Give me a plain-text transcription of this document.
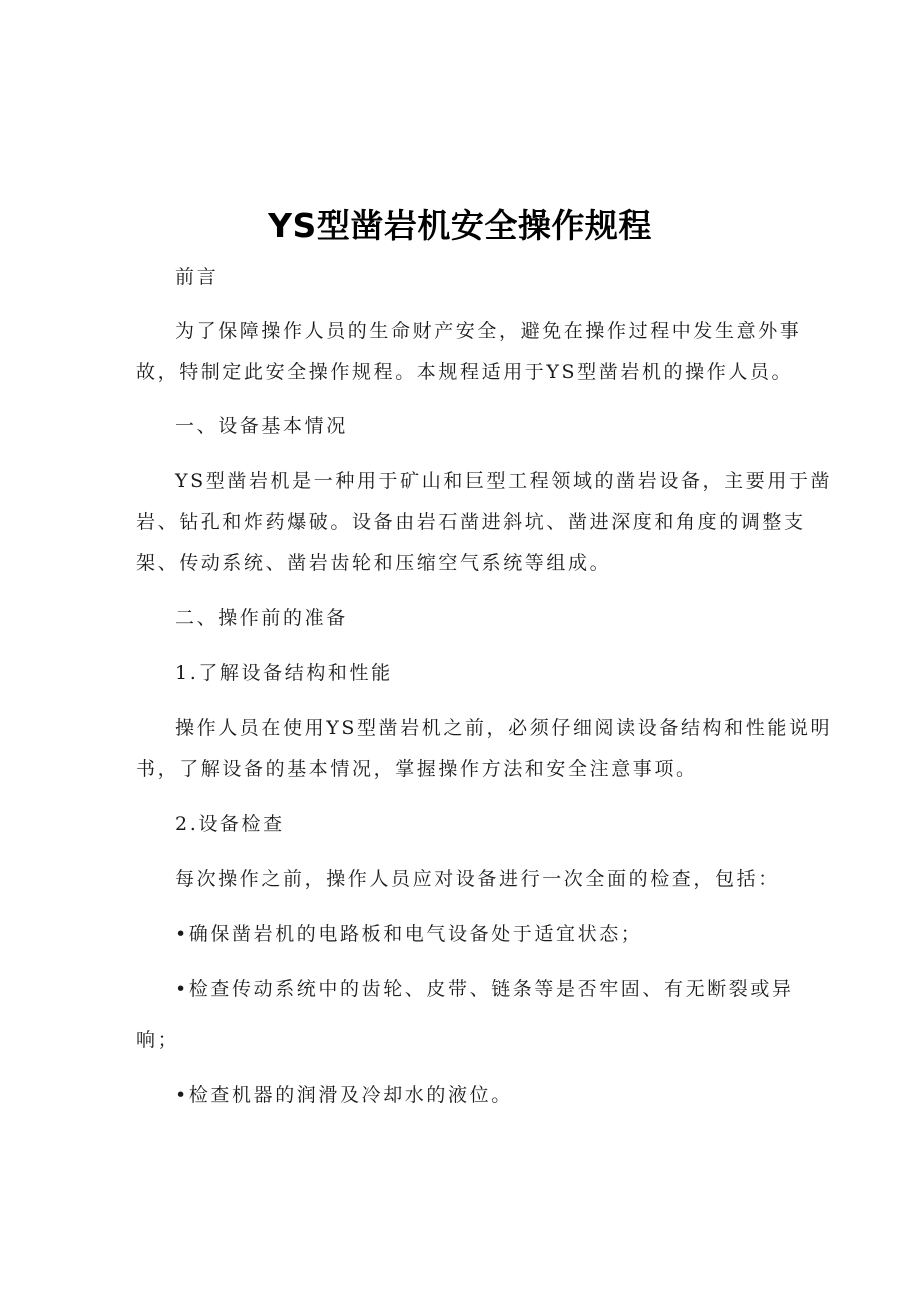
YS型凿岩机安全操作规程
前言
为了保障操作人员的生命财产安全，避免在操作过程中发生意外事
故，特制定此安全操作规程。本规程适用于YS型凿岩机的操作人员。
一、设备基本情况
YS型凿岩机是一种用于矿山和巨型工程领域的凿岩设备，主要用于凿
岩、钻孔和炸药爆破。设备由岩石凿进斜坑、凿进深度和角度的调整支
架、传动系统、凿岩齿轮和压缩空气系统等组成。
二、操作前的准备
1.了解设备结构和性能
操作人员在使用YS型凿岩机之前，必须仔细阅读设备结构和性能说明
书，了解设备的基本情况，掌握操作方法和安全注意事项。
2.设备检查
每次操作之前，操作人员应对设备进行一次全面的检查，包括：
•确保凿岩机的电路板和电气设备处于适宜状态；
•检查传动系统中的齿轮、皮带、链条等是否牢固、有无断裂或异
响；
•检查机器的润滑及冷却水的液位。
